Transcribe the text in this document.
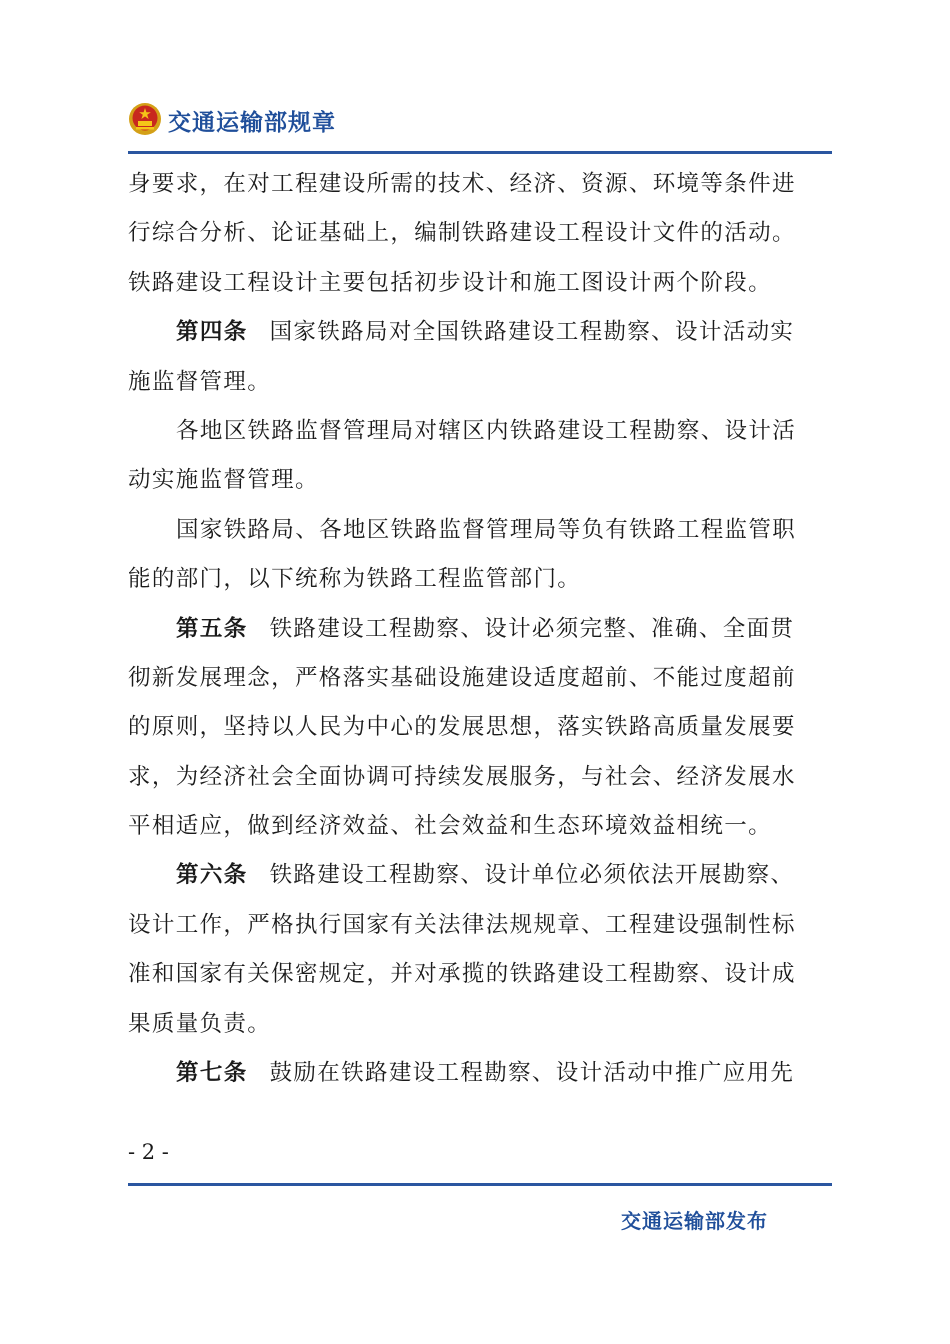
交通运输部规章
身要求，在对工程建设所需的技术、经济、资源、环境等条件进
行综合分析、论证基础上，编制铁路建设工程设计文件的活动。
铁路建设工程设计主要包括初步设计和施工图设计两个阶段。
第四条 国家铁路局对全国铁路建设工程勘察、设计活动实
施监督管理。
各地区铁路监督管理局对辖区内铁路建设工程勘察、设计活
动实施监督管理。
国家铁路局、各地区铁路监督管理局等负有铁路工程监管职
能的部门，以下统称为铁路工程监管部门。
第五条 铁路建设工程勘察、设计必须完整、准确、全面贯
彻新发展理念，严格落实基础设施建设适度超前、不能过度超前
的原则，坚持以人民为中心的发展思想，落实铁路高质量发展要
求，为经济社会全面协调可持续发展服务，与社会、经济发展水
平相适应，做到经济效益、社会效益和生态环境效益相统一。
第六条 铁路建设工程勘察、设计单位必须依法开展勘察、
设计工作，严格执行国家有关法律法规规章、工程建设强制性标
准和国家有关保密规定，并对承揽的铁路建设工程勘察、设计成
果质量负责。
第七条 鼓励在铁路建设工程勘察、设计活动中推广应用先
- 2 -
交通运输部发布
